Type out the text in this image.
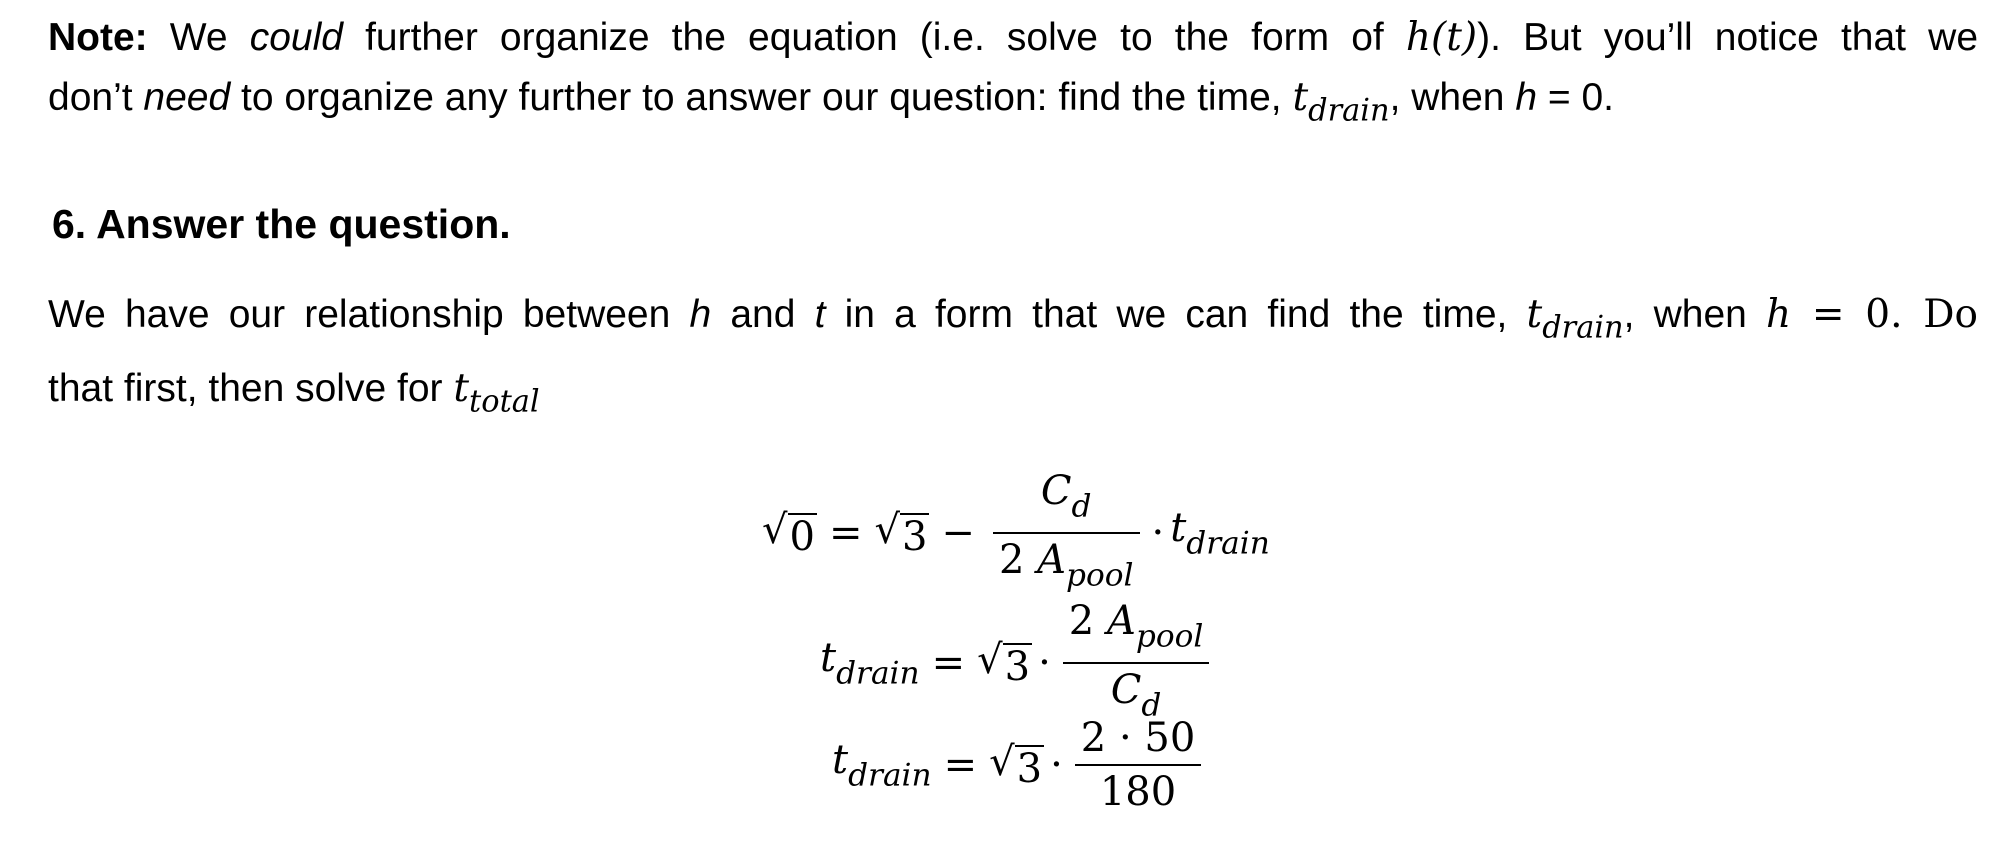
Note: We could further organize the equation (i.e. solve to the form of h(t)). But you’ll notice that we
don’t need to organize any further to answer our question: find the time, $t_{drain}$, when h = 0.
6. Answer the question.
We have our relationship between h and t in a form that we can find the time, $t_{drain}$, when h = 0. Do
that first, then solve for $t_{total}$
√ 0 = √ $3 - \frac{C_d}{2 A_{pool}} \cdot t_{drain}$
$t_{drain}$ = √ $3 \cdot \frac{2 A_{pool}}{C_d}$
$t_{drain}$ = √ $3 \cdot \frac{2 \cdot 50}{180}$
